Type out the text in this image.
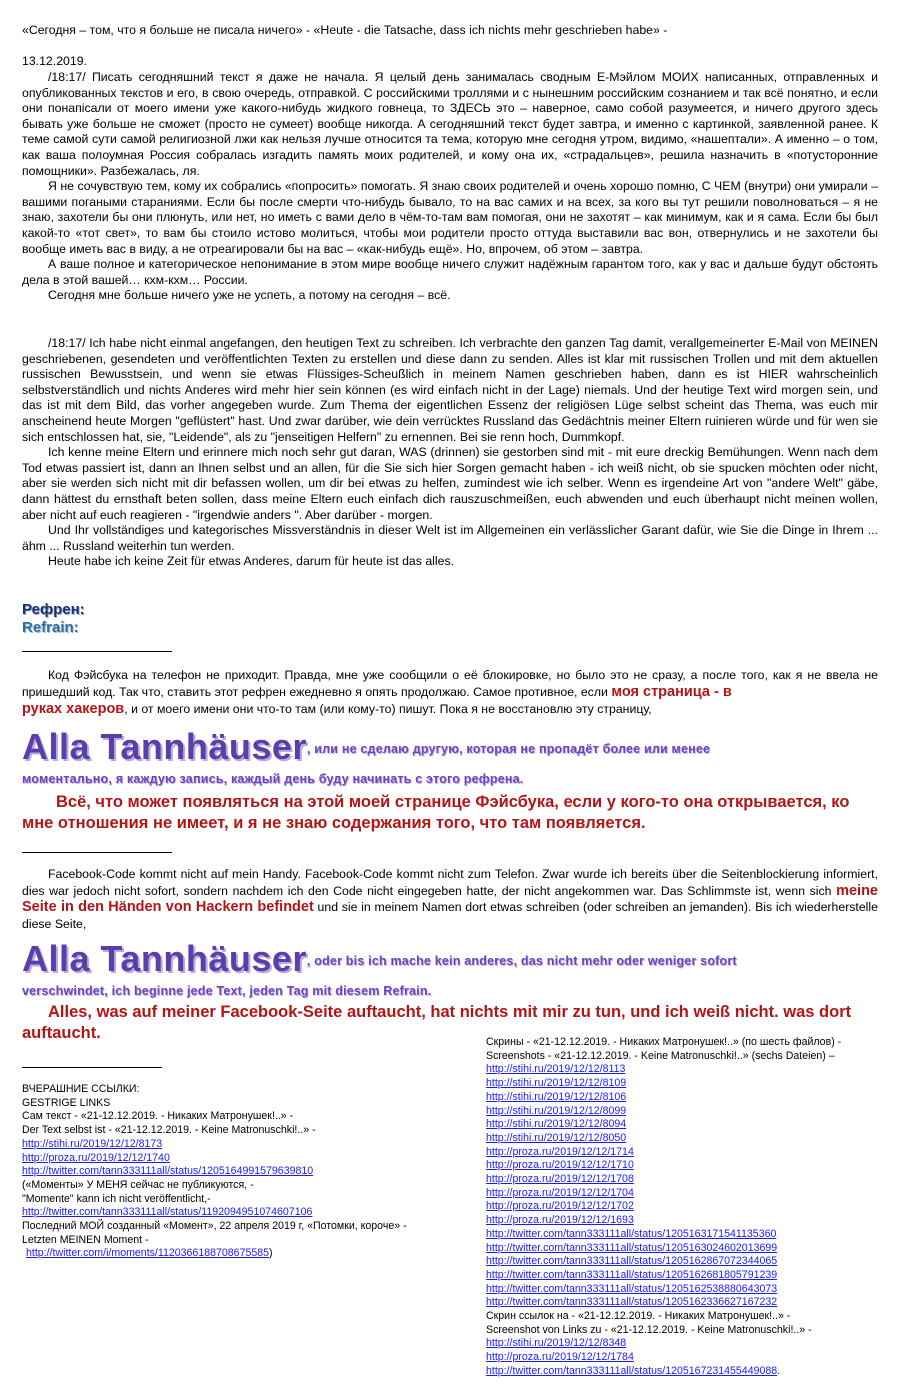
«Сегодня – том, что я больше не писала ничего» - «Heute - die Tatsache, dass ich nichts mehr geschrieben habe» -

13.12.2019.

/18:17/ Писать сегодняшний текст я даже не начала. Я целый день занималась сводным Е-Мэйлом МОИХ написанных, отправленных и опубликованных текстов и его, в свою очередь, отправкой. С российскими троллями и с нынешним российским сознанием и так всё понятно, и если они понапісали от моего имени уже какого-нибудь жидкого говнеца, то ЗДЕСЬ это – наверное, само собой разумеется, и ничего другого здесь бывать уже больше не сможет (просто не сумеет) вообще никогда. А сегодняшний текст будет завтра, и именно с картинкой, заявленной ранее. К теме самой сути самой религиозной лжи как нельзя лучше относится та тема, которую мне сегодня утром, видимо, «нашептали». А именно – о том, как ваша полоумная Россия собралась изгадить память моих родителей, и кому она их, «страдальцев», решила назначить в «потусторонние помощники». Разбежалась, ля.

Я не сочувствую тем, кому их собрались «попросить» помогать. Я знаю своих родителей и очень хорошо помню, С ЧЕМ (внутри) они умирали – вашими погаными стараниями. Если бы после смерти что-нибудь бывало, то на вас самих и на всех, за кого вы тут решили поволноваться – я не знаю, захотели бы они плюнуть, или нет, но иметь с вами дело в чём-то-там вам помогая, они не захотят – как минимум, как и я сама. Если бы был какой-то «тот свет», то вам бы стоило истово молиться, чтобы мои родители просто оттуда выставили вас вон, отвернулись и не захотели бы вообще иметь вас в виду, а не отреагировали бы на вас – «как-нибудь ещё». Но, впрочем, об этом – завтра.

А ваше полное и категорическое непонимание в этом мире вообще ничего служит надёжным гарантом того, как у вас и дальше будут обстоять дела в этой вашей… кхм-кхм… России.

Сегодня мне больше ничего уже не успеть, а потому на сегодня – всё.

/18:17/ Ich habe nicht einmal angefangen, den heutigen Text zu schreiben. Ich verbrachte den ganzen Tag damit, verallgemeinerter E-Mail von MEINEN geschriebenen, gesendeten und veröffentlichten Texten zu erstellen und diese dann zu senden. Alles ist klar mit russischen Trollen und mit dem aktuellen russischen Bewusstsein, und wenn sie etwas Flüssiges-Scheußlich in meinem Namen geschrieben haben, dann es ist HIER wahrscheinlich selbstverständlich und nichts Anderes wird mehr hier sein können (es wird einfach nicht in der Lage) niemals. Und der heutige Text wird morgen sein, und das ist mit dem Bild, das vorher angegeben wurde. Zum Thema der eigentlichen Essenz der religiösen Lüge selbst scheint das Thema, was euch mir anscheinend heute Morgen "geflüstert" hast. Und zwar darüber, wie dein verrücktes Russland das Gedächtnis meiner Eltern ruinieren würde und für wen sie sich entschlossen hat, sie, "Leidende", als zu "jenseitigen Helfern" zu ernennen. Bei sie renn hoch, Dummkopf.

Ich kenne meine Eltern und erinnere mich noch sehr gut daran, WAS (drinnen) sie gestorben sind mit - mit eure dreckig Bemühungen. Wenn nach dem Tod etwas passiert ist, dann an Ihnen selbst und an allen, für die Sie sich hier Sorgen gemacht haben - ich weiß nicht, ob sie spucken möchten oder nicht, aber sie werden sich nicht mit dir befassen wollen, um dir bei etwas zu helfen, zumindest wie ich selber. Wenn es irgendeine Art von "andere Welt" gäbe, dann hättest du ernsthaft beten sollen, dass meine Eltern euch einfach dich rauszuschmeißen, euch abwenden und euch überhaupt nicht meinen wollen, aber nicht auf euch reagieren - "irgendwie anders ". Aber darüber - morgen.

Und Ihr vollständiges und kategorisches Missverständnis in dieser Welt ist im Allgemeinen ein verlässlicher Garant dafür, wie Sie die Dinge in Ihrem ... ähm ... Russland weiterhin tun werden.

Heute habe ich keine Zeit für etwas Anderes, darum für heute ist das alles.

Рефрен:
Refrain:

Код Фэйсбука на телефон не приходит. Правда, мне уже сообщили о её блокировке, но было это не сразу, а после того, как я не ввела не пришедший код. Так что, ставить этот рефрен ежедневно я опять продолжаю. Самое противное, если моя страница - в
руках хакеров, и от моего имени они что-то там (или кому-то) пишут. Пока я не восстановлю эту страницу,

Alla Tannhäuser, или не сделаю другую, которая не пропадёт более или менее
моментально, я каждую запись, каждый день буду начинать с этого рефрена.

Всё, что может появляться на этой моей странице Фэйсбука, если у кого-то она открывается, ко мне отношения не имеет, и я не знаю содержания того, что там появляется.

Facebook-Code kommt nicht auf mein Handy. Facebook-Code kommt nicht zum Telefon. Zwar wurde ich bereits über die Seitenblockierung informiert, dies war jedoch nicht sofort, sondern nachdem ich den Code nicht eingegeben hatte, der nicht angekommen war. Das Schlimmste ist, wenn sich meine Seite in den Händen von Hackern befindet und sie in meinem Namen dort etwas schreiben (oder schreiben an jemanden). Bis ich wiederherstelle diese Seite,

Alla Tannhäuser, oder bis ich mache kein anderes, das nicht mehr oder weniger sofort
verschwindet, ich beginne jede Text, jeden Tag mit diesem Refrain.

Alles, was auf meiner Facebook-Seite auftaucht, hat nichts mit mir zu tun, und ich weiß nicht. was dort auftaucht.

ВЧЕРАШНИЕ ССЫЛКИ:

GESTRIGE LINKS

Сам текст - «21-12.12.2019. - Никаких Матронушек!..» -

Der Text selbst ist - «21-12.12.2019. - Keine Matronuschki!..» -

http://stihi.ru/2019/12/12/8173
http://proza.ru/2019/12/12/1740
http://twitter.com/tann333111all/status/1205164991579639810

(«Моменты» У МЕНЯ сейчас не публикуются, -

"Momente" kann ich nicht veröffentlicht,-

http://twitter.com/tann333111all/status/1192094951074607106

Последний МОЙ созданный «Момент», 22 апреля 2019 г, «Потомки, короче» -

Letzten MEINEN Moment -

http://twitter.com/i/moments/1120366188708675585)

Скрины - «21-12.12.2019. - Никаких Матронушек!..» (по шесть файлов) -

Screenshots - «21-12.12.2019. - Keine Matronuschki!..» (sechs Dateien) –

http://stihi.ru/2019/12/12/8113
http://stihi.ru/2019/12/12/8109
http://stihi.ru/2019/12/12/8106
http://stihi.ru/2019/12/12/8099
http://stihi.ru/2019/12/12/8094
http://stihi.ru/2019/12/12/8050
http://proza.ru/2019/12/12/1714
http://proza.ru/2019/12/12/1710
http://proza.ru/2019/12/12/1708
http://proza.ru/2019/12/12/1704
http://proza.ru/2019/12/12/1702
http://proza.ru/2019/12/12/1693
http://twitter.com/tann333111all/status/1205163171541135360
http://twitter.com/tann333111all/status/1205163024602013699
http://twitter.com/tann333111all/status/1205162867072344065
http://twitter.com/tann333111all/status/1205162681805791239
http://twitter.com/tann333111all/status/1205162538880643073
http://twitter.com/tann333111all/status/1205162336627167232

Скрин ссылок на - «21-12.12.2019. - Никаких Матронушек!..» -

Screenshot von Links zu - «21-12.12.2019. - Keine Matronuschki!..» -

http://stihi.ru/2019/12/12/8348
http://proza.ru/2019/12/12/1784

http://twitter.com/tann333111all/status/1205167231455449088.
